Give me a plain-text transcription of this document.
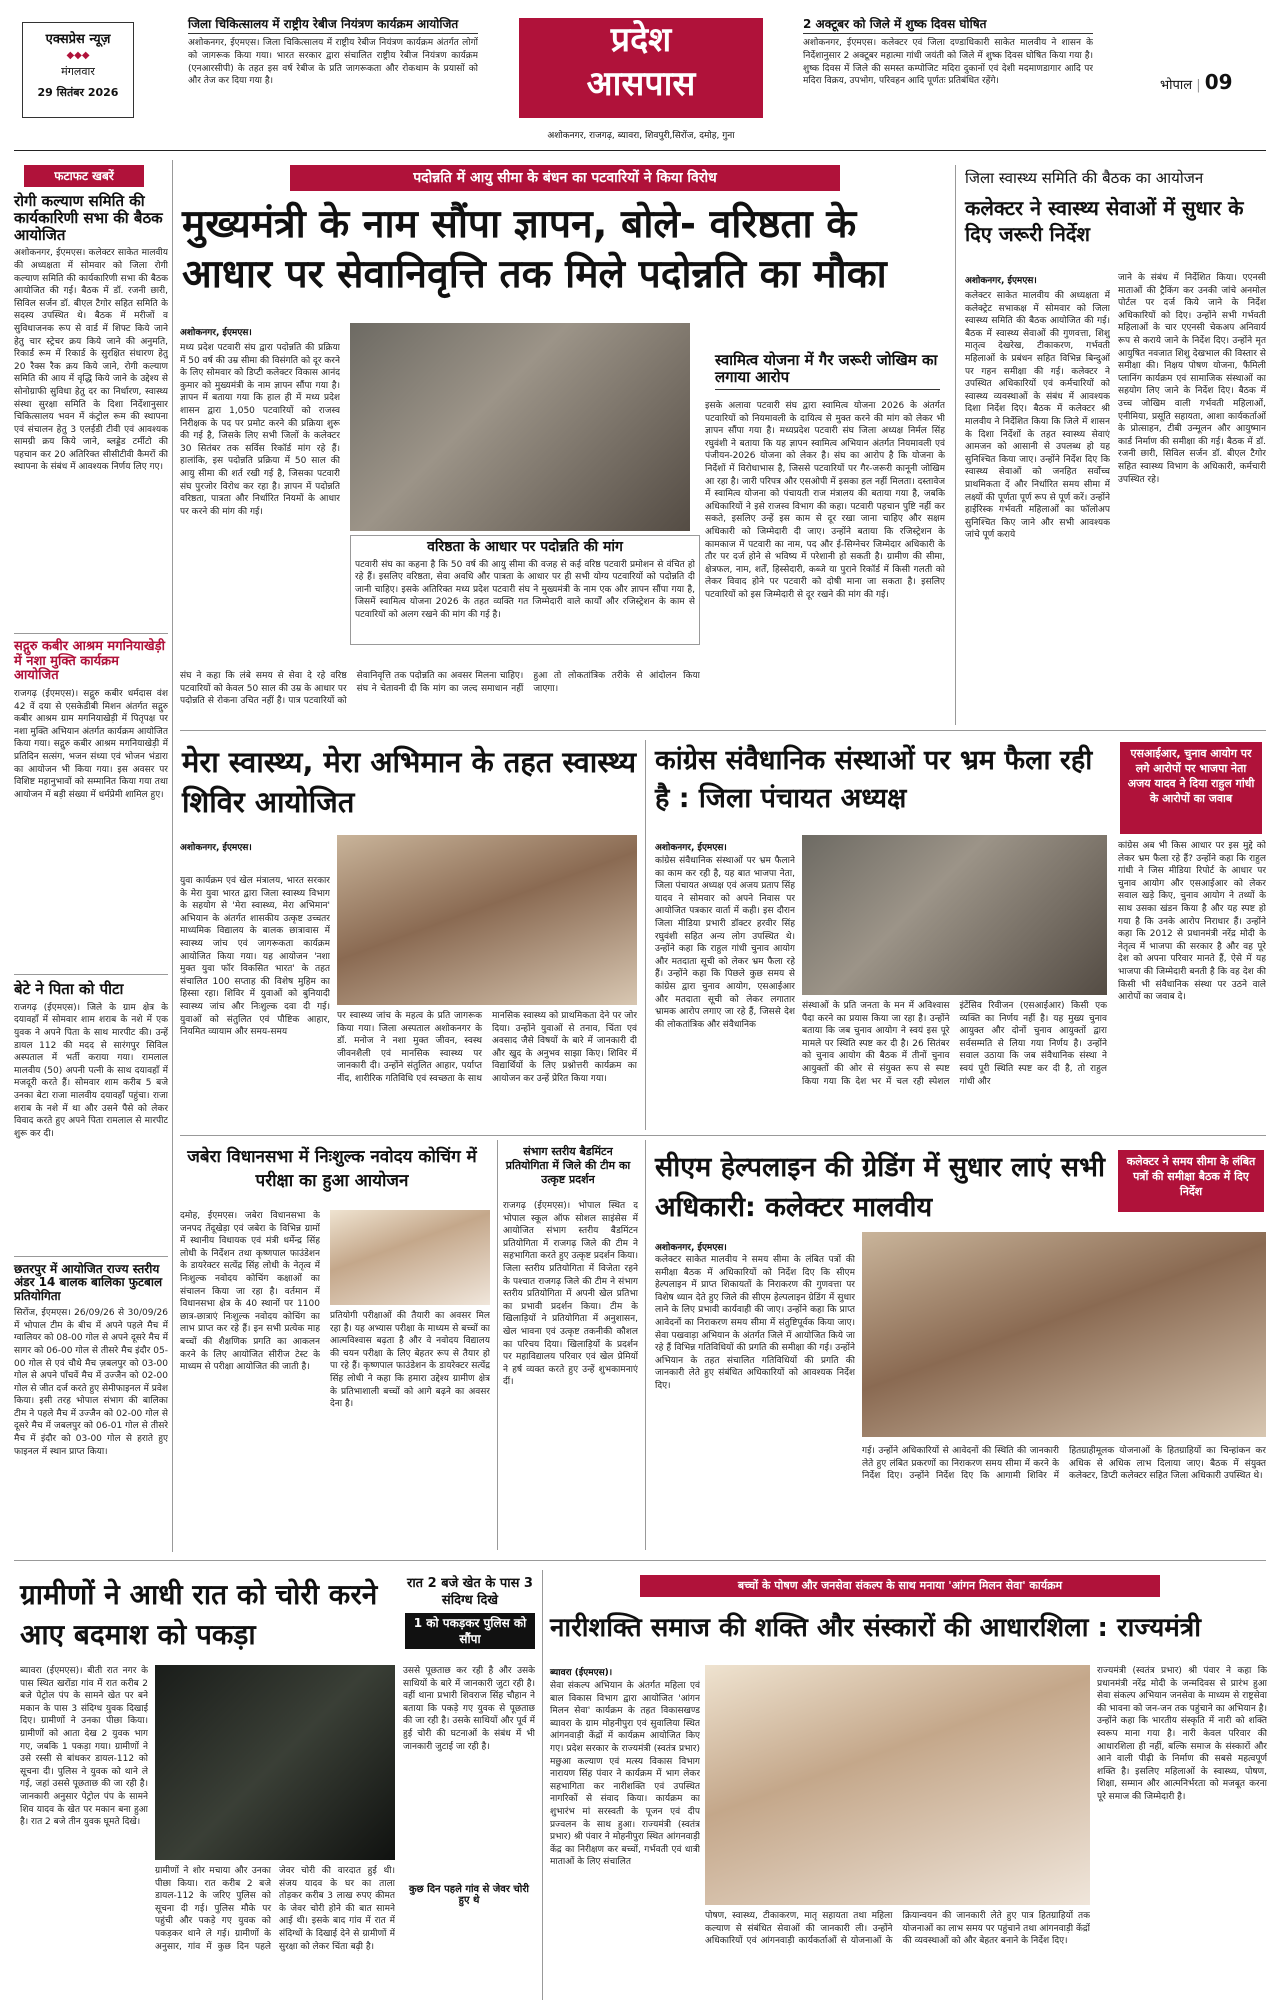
एक्सप्रेस न्यूज़
◆◆◆
मंगलवार
29 सितंबर 2026
जिला चिकित्सालय में राष्ट्रीय रेबीज नियंत्रण कार्यक्रम आयोजित
अशोकनगर, ईएमएस। जिला चिकित्सालय में राष्ट्रीय रेबीज नियंत्रण कार्यक्रम अंतर्गत लोगों को जागरूक किया गया। भारत सरकार द्वारा संचालित राष्ट्रीय रेबीज नियंत्रण कार्यक्रम (एनआरसीपी) के तहत इस वर्ष रेबीज के प्रति जागरूकता और रोकथाम के प्रयासों को और तेज कर दिया गया है।
प्रदेश
आसपास
अशोकनगर, राजगढ़, ब्यावरा, शिवपुरी,सिरोंज, दमोह, गुना
2 अक्टूबर को जिले में शुष्क दिवस घोषित
अशोकनगर, ईएमएस। कलेक्टर एवं जिला दण्डाधिकारी साकेत मालवीय ने शासन के निर्देशानुसार 2 अक्टूबर महात्मा गांधी जयंती को जिले में शुष्क दिवस घोषित किया गया है। शुष्क दिवस में जिले की समस्त कम्पोजिट मदिरा दुकानों एवं देशी मदमाणडागार आदि पर मदिरा विक्रय, उपभोग, परिवहन आदि पूर्णतः प्रतिबंधित रहेंगे।	भोपाल | 09
फटाफट खबरें
रोगी कल्याण समिति की कार्यकारिणी सभा की बैठक आयोजित
अशोकनगर, ईएमएस। कलेक्टर साकेत मालवीय की अध्यक्षता में सोमवार को जिला रोगी कल्याण समिति की कार्यकारिणी सभा की बैठक आयोजित की गई। बैठक में डॉ. रजनी छारी, सिविल सर्जन डॉ. बीएल टैगोर सहित समिति के सदस्य उपस्थित थे। बैठक में मरीजों व सुविधाजनक रूप से वार्ड में शिफ्ट किये जाने हेतु चार स्ट्रेचर क्रय किये जाने की अनुमति, रिकार्ड रूम में रिकार्ड के सुरक्षित संधारण हेतु 20 रैक्स रैक क्रय किये जाने, रोगी कल्याण समिति की आय में वृद्धि किये जाने के उद्देश्य से सोनोग्राफी सुविधा हेतु दर का निर्धारण, स्वास्थ्य संस्था सुरक्षा समिति के दिशा निर्देशानुसार चिकित्सालय भवन में कंट्रोल रूम की स्थापना एवं संचालन हेतु 3 एलईडी टीवी एवं आवश्यक सामग्री क्रय किये जाने, ब्लड्डेड टर्मीटो की पहचान कर 20 अतिरिक्त सीसीटीवी कैमरों की स्थापना के संबंध में आवश्यक निर्णय लिए गए।
सद्गुरु कबीर आश्रम मगनियाखेड़ी में नशा मुक्ति कार्यक्रम आयोजित
राजगढ़ (ईएमएस)। सद्गुरु कबीर धर्मदास वंश 42 वें दया से एसकेडीबी मिशन अंतर्गत सद्गुरु कबीर आश्रम ग्राम मगनियाखेड़ी में पितृपक्ष पर नशा मुक्ति अभियान अंतर्गत कार्यक्रम आयोजित किया गया। सद्गुरु कबीर आश्रम मगनियाखेड़ी में प्रतिदिन सत्संग, भजन संध्या एवं भोजन भंडारा का आयोजन भी किया गया। इस अवसर पर विशिष्ट महानुभावों को सम्मानित किया गया तथा आयोजन में बड़ी संख्या में धर्मप्रेमी शामिल हुए।
बेटे ने पिता को पीटा
राजगढ़ (ईएमएस)। जिले के ग्राम क्षेत्र के दयावहाँ में सोमवार शाम शराब के नशे में एक युवक ने अपने पिता के साथ मारपीट की। उन्हें डायल 112 की मदद से सारंगपुर सिविल अस्पताल में भर्ती कराया गया। रामलाल मालवीय (50) अपनी पत्नी के साथ दयावहाँ में मजदूरी करते हैं। सोमवार शाम करीब 5 बजे उनका बेटा राजा मालवीय दयावहाँ पहुंचा। राजा शराब के नशे में था और उसने पैसे को लेकर विवाद करते हुए अपने पिता रामलाल से मारपीट शुरू कर दी।
छतरपुर में आयोजित राज्य स्तरीय अंडर 14 बालक बालिका फुटबाल प्रतियोगिता
सिरोंज, ईएमएस। 26/09/26 से 30/09/26 में भोपाल टीम के बीच में अपने पहले मैच में ग्वालियर को 08-00 गोल से अपने दूसरे मैच में सागर को 06-00 गोल से तीसरे मैच इंदौर 05-00 गोल से एवं चौथे मैच ज़बलपुर को 03-00 गोल से अपने पाँचवें मैच में उज्जैन को 02-00 गोल से जीत दर्ज करते हुए सेमीफाइनल में प्रवेश किया। इसी तरह भोपाल संभाग की बालिका टीम ने पहले मैच में उज्जैन को 02-00 गोल से दूसरे मैच में जबलपुर को 06-01 गोल से तीसरे मैच में इंदौर को 03-00 गोल से हराते हुए फाइनल में स्थान प्राप्त किया।
पदोन्नति में आयु सीमा के बंधन का पटवारियों ने किया विरोध
मुख्यमंत्री के नाम सौंपा ज्ञापन, बोले- वरिष्ठता के आधार पर सेवानिवृत्ति तक मिले पदोन्नति का मौका
अशोकनगर, ईएमएस।
मध्य प्रदेश पटवारी संघ द्वारा पदोन्नति की प्रक्रिया में 50 वर्ष की उम्र सीमा की विसंगति को दूर करने के लिए सोमवार को डिप्टी कलेक्टर विकास आनंद कुमार को मुख्यमंत्री के नाम ज्ञापन सौंपा गया है। ज्ञापन में बताया गया कि हाल ही में मध्य प्रदेश शासन द्वारा 1,050 पटवारियों को राजस्व निरीक्षक के पद पर प्रमोट करने की प्रक्रिया शुरू की गई है, जिसके लिए सभी जिलों के कलेक्टर 30 सितंबर तक सर्विस रिकॉर्ड मांग रहे हैं। हालांकि, इस पदोन्नति प्रक्रिया में 50 साल की आयु सीमा की शर्त रखी गई है, जिसका पटवारी संघ पुरजोर विरोध कर रहा है। ज्ञापन में पदोन्नति वरिष्ठता, पात्रता और निर्धारित नियमों के आधार पर करने की मांग की गई।
वरिष्ठता के आधार पर पदोन्नति की मांग
पटवारी संघ का कहना है कि 50 वर्ष की आयु सीमा की वजह से कई वरिष्ठ पटवारी प्रमोशन से वंचित हो रहे हैं। इसलिए वरिष्ठता, सेवा अवधि और पात्रता के आधार पर ही सभी योग्य पटवारियों को पदोन्नति दी जानी चाहिए। इसके अतिरिक्त मध्य प्रदेश पटवारी संघ ने मुख्यमंत्री के नाम एक और ज्ञापन सौंपा गया है, जिसमें स्वामित्व योजना 2026 के तहत व्यक्ति गत जिम्मेदारी वाले कार्यों और रजिस्ट्रेशन के काम से पटवारियों को अलग रखने की मांग की गई है।
संघ ने कहा कि लंबे समय से सेवा दे रहे वरिष्ठ पटवारियों को केवल 50 साल की उम्र के आधार पर पदोन्नति से रोकना उचित नहीं है। पात्र पटवारियों को सेवानिवृत्ति तक पदोन्नति का अवसर मिलना चाहिए। संघ ने चेतावनी दी कि मांग का जल्द समाधान नहीं हुआ तो लोकतांत्रिक तरीके से आंदोलन किया जाएगा।
स्वामित्व योजना में गैर जरूरी जोखिम का लगाया आरोप
इसके अलावा पटवारी संघ द्वारा स्वामित्व योजना 2026 के अंतर्गत पटवारियों को नियमावली के दायित्व से मुक्त करने की मांग को लेकर भी ज्ञापन सौंपा गया है। मध्यप्रदेश पटवारी संघ जिला अध्यक्ष निर्मल सिंह रघुवंशी ने बताया कि यह ज्ञापन स्वामित्व अभियान अंतर्गत नियमावली एवं पंजीयन-2026 योजना को लेकर है। संघ का आरोप है कि योजना के निर्देशों में विरोधाभास है, जिससे पटवारियों पर गैर-जरूरी कानूनी जोखिम आ रहा है। जारी परिपत्र और एसओपी में इसका हल नहीं मिलता। दस्तावेज में स्वामित्व योजना को पंचायती राज मंत्रालय की बताया गया है, जबकि अधिकारियों ने इसे राजस्व विभाग की कहा। पटवारी पहचान पुष्टि नहीं कर सकते, इसलिए उन्हें इस काम से दूर रखा जाना चाहिए और सक्षम अधिकारी को जिम्मेदारी दी जाए। उन्होंने बताया कि रजिस्ट्रेशन के कामकाज में पटवारी का नाम, पद और ई-सिग्नेचर जिम्मेदार अधिकारी के तौर पर दर्ज होने से भविष्य में परेशानी हो सकती है। ग्रामीण की सीमा, क्षेत्रफल, नाम, शर्तें, हिस्सेदारी, कब्जे या पुराने रिकॉर्ड में किसी गलती को लेकर विवाद होने पर पटवारी को दोषी माना जा सकता है। इसलिए पटवारियों को इस जिम्मेदारी से दूर रखने की मांग की गई।
जिला स्वास्थ्य समिति की बैठक का आयोजन
कलेक्टर ने स्वास्थ्य सेवाओं में सुधार के दिए जरूरी निर्देश
अशोकनगर, ईएमएस।
कलेक्टर साकेत मालवीय की अध्यक्षता में कलेक्ट्रेट सभाकक्ष में सोमवार को जिला स्वास्थ्य समिति की बैठक आयोजित की गई। बैठक में स्वास्थ्य सेवाओं की गुणवत्ता, शिशु मातृत्व देखरेख, टीकाकरण, गर्भवती महिलाओं के प्रबंधन सहित विभिन्न बिन्दुओं पर गहन समीक्षा की गई। कलेक्टर ने उपस्थित अधिकारियों एवं कर्मचारियों को स्वास्थ्य व्यवस्थाओं के संबंध में आवश्यक दिशा निर्देश दिए। बैठक में कलेक्टर श्री मालवीय ने निर्देशित किया कि जिले में शासन के दिशा निर्देशों के तहत स्वास्थ्य सेवाएं आमजन को आसानी से उपलब्ध हो यह सुनिश्चित किया जाए। उन्होंने निर्देश दिए कि स्वास्थ्य सेवाओं को जनहित सर्वोच्च प्राथमिकता दें और निर्धारित समय सीमा में लक्ष्यों की पूर्णता पूर्ण रूप से पूर्ण करें। उन्होंने हाईरिस्क गर्भवती महिलाओं का फॉलोअप सुनिश्चित किए जाने और सभी आवश्यक जांचे पूर्ण कराये
जाने के संबंध में निर्देशित किया। एएनसी माताओं की ट्रैकिंग कर उनकी जांचे अनमोल पोर्टल पर दर्ज किये जाने के निर्देश अधिकारियों को दिए। उन्होंने सभी गर्भवती महिलाओं के चार एएनसी चेकअप अनिवार्य रूप से कराये जाने के निर्देश दिए। उन्होंने मृत आयुषित नवजात शिशु देखभाल की विस्तार से समीक्षा की। निक्षय पोषण योजना, फैमिली प्लानिंग कार्यक्रम एवं सामाजिक संस्थाओं का सहयोग लिए जाने के निर्देश दिए। बैठक में उच्च जोखिम वाली गर्भवती महिलाओं, एनीमिया, प्रसूति सहायता, आशा कार्यकर्ताओं के प्रोत्साहन, टीबी उन्मूलन और आयुष्मान कार्ड निर्माण की समीक्षा की गई। बैठक में डॉ. रजनी छारी, सिविल सर्जन डॉ. बीएल टैगोर सहित स्वास्थ्य विभाग के अधिकारी, कर्मचारी उपस्थित रहे।
मेरा स्वास्थ्य, मेरा अभिमान के तहत स्वास्थ्य शिविर आयोजित
अशोकनगर, ईएमएस।
युवा कार्यक्रम एवं खेल मंत्रालय, भारत सरकार के मेरा युवा भारत द्वारा जिला स्वास्थ्य विभाग के सहयोग से 'मेरा स्वास्थ्य, मेरा अभिमान' अभियान के अंतर्गत शासकीय उत्कृष्ट उच्चतर माध्यमिक विद्यालय के बालक छात्रावास में स्वास्थ्य जांच एवं जागरूकता कार्यक्रम आयोजित किया गया। यह आयोजन 'नशा मुक्त युवा फॉर विकसित भारत' के तहत संचालित 100 सप्ताह की विशेष मुहिम का हिस्सा रहा। शिविर में युवाओं को बुनियादी स्वास्थ्य जांच और निःशुल्क दवा दी गई। युवाओं को संतुलित एवं पौष्टिक आहार, नियमित व्यायाम और समय-समय
पर स्वास्थ्य जांच के महत्व के प्रति जागरूक किया गया। जिला अस्पताल अशोकनगर के डॉ. मनोज ने नशा मुक्त जीवन, स्वस्थ जीवनशैली एवं मानसिक स्वास्थ्य पर जानकारी दी। उन्होंने संतुलित आहार, पर्याप्त नींद, शारीरिक गतिविधि एवं स्वच्छता के साथ मानसिक स्वास्थ्य को प्राथमिकता देने पर जोर दिया। उन्होंने युवाओं से तनाव, चिंता एवं अवसाद जैसे विषयों के बारे में जानकारी दी और खुद के अनुभव साझा किए। शिविर में विद्यार्थियों के लिए प्रश्नोत्तरी कार्यक्रम का आयोजन कर उन्हें प्रेरित किया गया।
कांग्रेस संवैधानिक संस्थाओं पर भ्रम फैला रही है : जिला पंचायत अध्यक्ष
अशोकनगर, ईएमएस।
कांग्रेस संवैधानिक संस्थाओं पर भ्रम फैलाने का काम कर रही है, यह बात भाजपा नेता, जिला पंचायत अध्यक्ष एवं अजय प्रताप सिंह यादव ने सोमवार को अपने निवास पर आयोजित पत्रकार वार्ता में कही। इस दौरान जिला मीडिया प्रभारी डॉक्टर हरवीर सिंह रघुवंशी सहित अन्य लोग उपस्थित थे। उन्होंने कहा कि राहुल गांधी चुनाव आयोग और मतदाता सूची को लेकर भ्रम फैला रहे हैं। उन्होंने कहा कि पिछले कुछ समय से कांग्रेस द्वारा चुनाव आयोग, एसआईआर और मतदाता सूची को लेकर लगातार भ्रामक आरोप लगाए जा रहे हैं, जिससे देश की लोकतांत्रिक और संवैधानिक
संस्थाओं के प्रति जनता के मन में अविश्वास पैदा करने का प्रयास किया जा रहा है। उन्होंने बताया कि जब चुनाव आयोग ने स्वयं इस पूरे मामले पर स्थिति स्पष्ट कर दी है। 26 सितंबर को चुनाव आयोग की बैठक में तीनों चुनाव आयुक्तों की ओर से संयुक्त रूप से स्पष्ट किया गया कि देश भर में चल रही स्पेशल इंटेंसिव रिवीजन (एसआईआर) किसी एक व्यक्ति का निर्णय नहीं है। यह मुख्य चुनाव आयुक्त और दोनों चुनाव आयुक्तों द्वारा सर्वसम्मति से लिया गया निर्णय है। उन्होंने सवाल उठाया कि जब संवैधानिक संस्था ने स्वयं पूरी स्थिति स्पष्ट कर दी है, तो राहुल गांधी और
एसआईआर, चुनाव आयोग पर लगे आरोपों पर भाजपा नेता अजय यादव ने दिया राहुल गांधी के आरोपों का जवाब
कांग्रेस अब भी किस आधार पर इस मुद्दे को लेकर भ्रम फैला रहे हैं? उन्होंने कहा कि राहुल गांधी ने जिस मीडिया रिपोर्ट के आधार पर चुनाव आयोग और एसआईआर को लेकर सवाल खड़े किए, चुनाव आयोग ने तथ्यों के साथ उसका खंडन किया है और यह स्पष्ट हो गया है कि उनके आरोप निराधार हैं। उन्होंने कहा कि 2012 से प्रधानमंत्री नरेंद्र मोदी के नेतृत्व में भाजपा की सरकार है और वह पूरे देश को अपना परिवार मानते हैं, ऐसे में यह भाजपा की जिम्मेदारी बनती है कि वह देश की किसी भी संवैधानिक संस्था पर उठने वाले आरोपों का जवाब दे।
जबेरा विधानसभा में निःशुल्क नवोदय कोचिंग में परीक्षा का हुआ आयोजन
दमोह, ईएमएस। जबेरा विधानसभा के जनपद तेंदूखेड़ा एवं जबेरा के विभिन्न ग्रामों में स्थानीय विधायक एवं मंत्री धर्मेन्द्र सिंह लोधी के निर्देशन तथा कृष्णपाल फाउंडेशन के डायरेक्टर सत्येंद्र सिंह लोधी के नेतृत्व में निःशुल्क नवोदय कोचिंग कक्षाओं का संचालन किया जा रहा है। वर्तमान में विधानसभा क्षेत्र के 40 स्थानों पर 1100 छात्र-छात्राएं निःशुल्क नवोदय कोचिंग का लाभ प्राप्त कर रहे हैं। इन सभी प्रत्येक माह बच्चों की शैक्षणिक प्रगति का आकलन करने के लिए आयोजित सीरीज टेस्ट के माध्यम से परीक्षा आयोजित की जाती है।
प्रतियोगी परीक्षाओं की तैयारी का अवसर मिल रहा है। यह अभ्यास परीक्षा के माध्यम से बच्चों का आत्मविश्वास बढ़ता है और वे नवोदय विद्यालय की चयन परीक्षा के लिए बेहतर रूप से तैयार हो पा रहे हैं। कृष्णपाल फाउंडेशन के डायरेक्टर सत्येंद्र सिंह लोधी ने कहा कि हमारा उद्देश्य ग्रामीण क्षेत्र के प्रतिभाशाली बच्चों को आगे बढ़ने का अवसर देना है।
संभाग स्तरीय बैडमिंटन प्रतियोगिता में जिले की टीम का उत्कृष्ट प्रदर्शन
राजगढ़ (ईएमएस)। भोपाल स्थित द भोपाल स्कूल ऑफ सोशल साइंसेस में आयोजित संभाग स्तरीय बैडमिंटन प्रतियोगिता में राजगढ़ जिले की टीम ने सहभागिता करते हुए उत्कृष्ट प्रदर्शन किया। जिला स्तरीय प्रतियोगिता में विजेता रहने के पश्चात राजगढ़ जिले की टीम ने संभाग स्तरीय प्रतियोगिता में अपनी खेल प्रतिभा का प्रभावी प्रदर्शन किया। टीम के खिलाड़ियों ने प्रतियोगिता में अनुशासन, खेल भावना एवं उत्कृष्ट तकनीकी कौशल का परिचय दिया। खिलाड़ियों के प्रदर्शन पर महाविद्यालय परिवार एवं खेल प्रेमियों ने हर्ष व्यक्त करते हुए उन्हें शुभकामनाएं दीं।
सीएम हेल्पलाइन की ग्रेडिंग में सुधार लाएं सभी अधिकारी: कलेक्टर मालवीय
कलेक्टर ने समय सीमा के लंबित पत्रों की समीक्षा बैठक में दिए निर्देश
अशोकनगर, ईएमएस।
कलेक्टर साकेत मालवीय ने समय सीमा के लंबित पत्रों की समीक्षा बैठक में अधिकारियों को निर्देश दिए कि सीएम हेल्पलाइन में प्राप्त शिकायतों के निराकरण की गुणवत्ता पर विशेष ध्यान देते हुए जिले की सीएम हेल्पलाइन ग्रेडिंग में सुधार लाने के लिए प्रभावी कार्यवाही की जाए। उन्होंने कहा कि प्राप्त आवेदनों का निराकरण समय सीमा में संतुष्टिपूर्वक किया जाए। सेवा पखवाड़ा अभियान के अंतर्गत जिले में आयोजित किये जा रहे हैं विभिन्न गतिविधियों की प्रगति की समीक्षा की गई। उन्होंने अभियान के तहत संचालित गतिविधियों की प्रगति की जानकारी लेते हुए संबंधित अधिकारियों को आवश्यक निर्देश दिए।
गई। उन्होंने अधिकारियों से आवेदनों की स्थिति की जानकारी लेते हुए लंबित प्रकरणों का निराकरण समय सीमा में करने के निर्देश दिए। उन्होंने निर्देश दिए कि आगामी शिविर में हितग्राहीमूलक योजनाओं के हितग्राहियों का चिन्हांकन कर अधिक से अधिक लाभ दिलाया जाए। बैठक में संयुक्त कलेक्टर, डिप्टी कलेक्टर सहित जिला अधिकारी उपस्थित थे।
ग्रामीणों ने आधी रात को चोरी करने आए बदमाश को पकड़ा
रात 2 बजे खेत के पास 3 संदिग्ध दिखे
1 को पकड़कर पुलिस को सौंपा
ब्यावरा (ईएमएस)। बीती रात नगर के पास स्थित खरोंडा गांव में रात करीब 2 बजे पेट्रोल पंप के सामने खेत पर बने मकान के पास 3 संदिग्ध युवक दिखाई दिए। ग्रामीणों ने उनका पीछा किया। ग्रामीणों को आता देख 2 युवक भाग गए, जबकि 1 पकड़ा गया। ग्रामीणों ने उसे रस्सी से बांधकर डायल-112 को सूचना दी। पुलिस ने युवक को थाने ले गई, जहां उससे पूछताछ की जा रही है। जानकारी अनुसार पेट्रोल पंप के सामने शिव यादव के खेत पर मकान बना हुआ है। रात 2 बजे तीन युवक घूमते दिखे।
ग्रामीणों ने शोर मचाया और उनका पीछा किया। रात करीब 2 बजे डायल-112 के जरिए पुलिस को सूचना दी गई। पुलिस मौके पर पहुंची और पकड़े गए युवक को पकड़कर थाने ले गई। ग्रामीणों के अनुसार, गांव में कुछ दिन पहले जेवर चोरी की वारदात हुई थी। संजय यादव के घर का ताला तोड़कर करीब 3 लाख रुपए कीमत के जेवर चोरी होने की बात सामने आई थी। इसके बाद गांव में रात में संदिग्धों के दिखाई देने से ग्रामीणों में सुरक्षा को लेकर चिंता बढ़ी है।
उससे पूछताछ कर रही है और उसके साथियों के बारे में जानकारी जुटा रही है। वहीं थाना प्रभारी शिवराज सिंह चौहान ने बताया कि पकड़े गए युवक से पूछताछ की जा रही है। उसके साथियों और पूर्व में हुई चोरी की घटनाओं के संबंध में भी जानकारी जुटाई जा रही है।
कुछ दिन पहले गांव से जेवर चोरी हुए थे
बच्चों के पोषण और जनसेवा संकल्प के साथ मनाया 'आंगन मिलन सेवा' कार्यक्रम
नारीशक्ति समाज की शक्ति और संस्कारों की आधारशिला : राज्यमंत्री
ब्यावरा (ईएमएस)।
सेवा संकल्प अभियान के अंतर्गत महिला एवं बाल विकास विभाग द्वारा आयोजित 'आंगन मिलन सेवा' कार्यक्रम के तहत विकासखण्ड ब्यावरा के ग्राम मोहनीपुरा एवं सुवालिया स्थित आंगनवाड़ी केंद्रों में कार्यक्रम आयोजित किए गए। प्रदेश सरकार के राज्यमंत्री (स्वतंत्र प्रभार) मछुआ कल्याण एवं मत्स्य विकास विभाग नारायण सिंह पंवार ने कार्यक्रम में भाग लेकर सहभागिता कर नारीशक्ति एवं उपस्थित नागरिकों से संवाद किया। कार्यक्रम का शुभारंभ मां सरस्वती के पूजन एवं दीप प्रज्वलन के साथ हुआ। राज्यमंत्री (स्वतंत्र प्रभार) श्री पंवार ने मोहनीपुरा स्थित आंगनवाड़ी केंद्र का निरीक्षण कर बच्चों, गर्भवती एवं धात्री माताओं के लिए संचालित
पोषण, स्वास्थ्य, टीकाकरण, मातृ सहायता तथा महिला कल्याण से संबंधित सेवाओं की जानकारी ली। उन्होंने अधिकारियों एवं आंगनवाड़ी कार्यकर्ताओं से योजनाओं के क्रियान्वयन की जानकारी लेते हुए पात्र हितग्राहियों तक योजनाओं का लाभ समय पर पहुंचाने तथा आंगनवाड़ी केंद्रों की व्यवस्थाओं को और बेहतर बनाने के निर्देश दिए।
राज्यमंत्री (स्वतंत्र प्रभार) श्री पंवार ने कहा कि प्रधानमंत्री नरेंद्र मोदी के जन्मदिवस से प्रारंभ हुआ सेवा संकल्प अभियान जनसेवा के माध्यम से राष्ट्रसेवा की भावना को जन-जन तक पहुंचाने का अभियान है। उन्होंने कहा कि भारतीय संस्कृति में नारी को शक्ति स्वरूप माना गया है। नारी केवल परिवार की आधारशिला ही नहीं, बल्कि समाज के संस्कारों और आने वाली पीढ़ी के निर्माण की सबसे महत्वपूर्ण शक्ति है। इसलिए महिलाओं के स्वास्थ्य, पोषण, शिक्षा, सम्मान और आत्मनिर्भरता को मजबूत करना पूरे समाज की जिम्मेदारी है।
